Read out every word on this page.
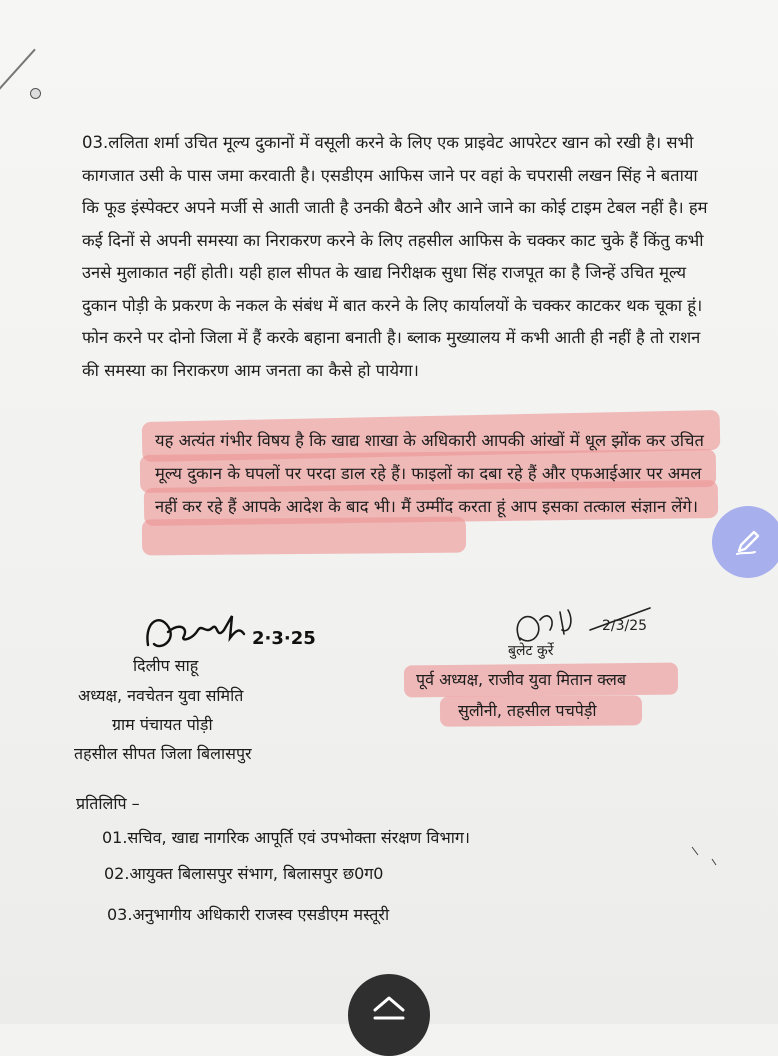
03.ललिता शर्मा उचित मूल्य दुकानों में वसूली करने के लिए एक प्राइवेट आपरेटर खान को रखी है। सभी कागजात उसी के पास जमा करवाती है। एसडीएम आफिस जाने पर वहां के चपरासी लखन सिंह ने बताया कि फूड इंस्पेक्टर अपने मर्जी से आती जाती है उनकी बैठने और आने जाने का कोई टाइम टेबल नहीं है। हम कई दिनों से अपनी समस्या का निराकरण करने के लिए तहसील आफिस के चक्कर काट चुके हैं किंतु कभी उनसे मुलाकात नहीं होती। यही हाल सीपत के खाद्य निरीक्षक सुधा सिंह राजपूत का है जिन्हें उचित मूल्य दुकान पोड़ी के प्रकरण के नकल के संबंध में बात करने के लिए कार्यालयों के चक्कर काटकर थक चूका हूं। फोन करने पर दोनो जिला में हैं करके बहाना बनाती है। ब्लाक मुख्यालय में कभी आती ही नहीं है तो राशन की समस्या का निराकरण आम जनता का कैसे हो पायेगा।

यह अत्यंत गंभीर विषय है कि खाद्य शाखा के अधिकारी आपकी आंखों में धूल झोंक कर उचित मूल्य दुकान के घपलों पर परदा डाल रहे हैं। फाइलों का दबा रहे हैं और एफआईआर पर अमल नहीं कर रहे हैं आपके आदेश के बाद भी। मैं उम्मींद करता हूं आप इसका तत्काल संज्ञान लेंगे।

2·3·25
2/3/25
दिलीप साहू
अध्यक्ष, नवचेतन युवा समिति
ग्राम पंचायत पोड़ी
तहसील सीपत जिला बिलासपुर
बुलेट कुर्रे
पूर्व अध्यक्ष, राजीव युवा मितान क्लब
सुलौनी, तहसील पचपेड़ी
प्रतिलिपि –
01.सचिव, खाद्य नागरिक आपूर्ति एवं उपभोक्ता संरक्षण विभाग।
02.आयुक्त बिलासपुर संभाग, बिलासपुर छ0ग0
03.अनुभागीय अधिकारी राजस्व एसडीएम मस्तूरी
